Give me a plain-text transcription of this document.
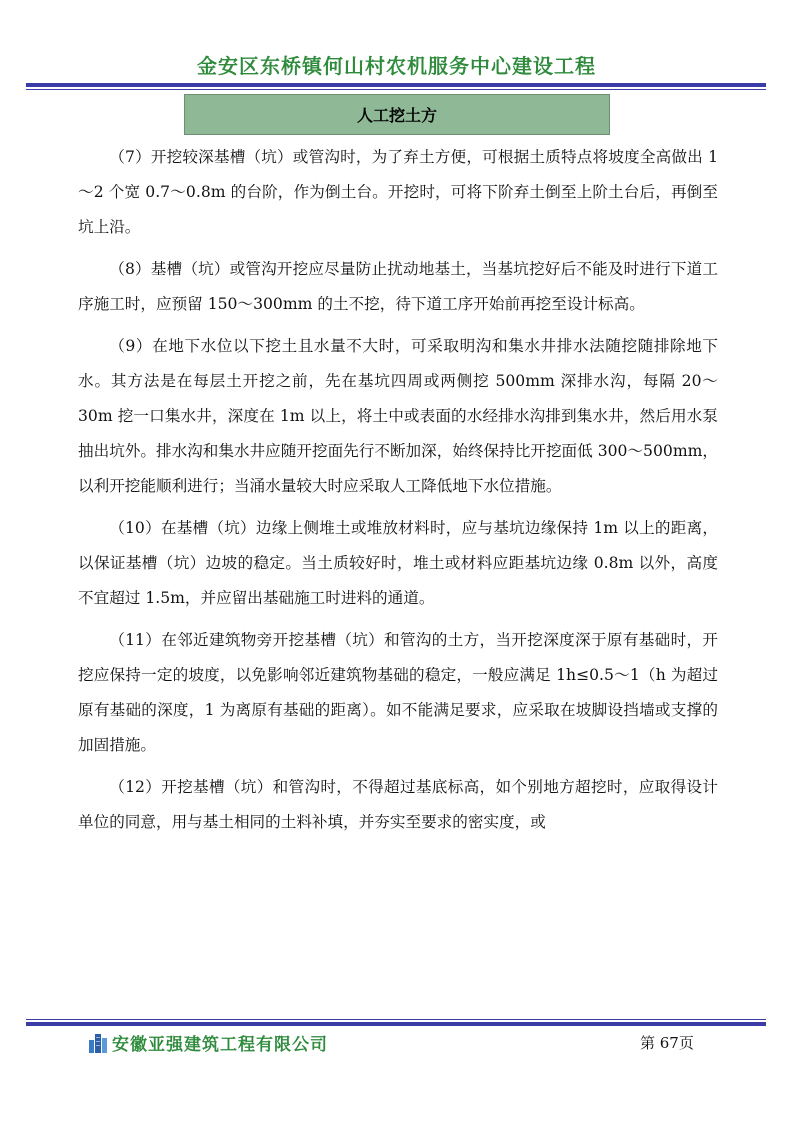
金安区东桥镇何山村农机服务中心建设工程
人工挖土方

（7）开挖较深基槽（坑）或管沟时，为了弃土方便，可根据土质特点将坡度全高做出 1～2 个宽 0.7～0.8m 的台阶，作为倒土台。开挖时，可将下阶弃土倒至上阶土台后，再倒至坑上沿。

（8）基槽（坑）或管沟开挖应尽量防止扰动地基土，当基坑挖好后不能及时进行下道工序施工时，应预留 150～300mm 的土不挖，待下道工序开始前再挖至设计标高。

（9）在地下水位以下挖土且水量不大时，可采取明沟和集水井排水法随挖随排除地下水。其方法是在每层土开挖之前，先在基坑四周或两侧挖 500mm 深排水沟，每隔 20～30m 挖一口集水井，深度在 1m 以上，将土中或表面的水经排水沟排到集水井，然后用水泵抽出坑外。排水沟和集水井应随开挖面先行不断加深，始终保持比开挖面低 300～500mm，以利开挖能顺利进行；当涌水量较大时应采取人工降低地下水位措施。

（10）在基槽（坑）边缘上侧堆土或堆放材料时，应与基坑边缘保持 1m 以上的距离，以保证基槽（坑）边坡的稳定。当土质较好时，堆土或材料应距基坑边缘 0.8m 以外，高度不宜超过 1.5m，并应留出基础施工时进料的通道。

（11）在邻近建筑物旁开挖基槽（坑）和管沟的土方，当开挖深度深于原有基础时，开挖应保持一定的坡度，以免影响邻近建筑物基础的稳定，一般应满足 1h≤0.5～1（h 为超过原有基础的深度，1 为离原有基础的距离）。如不能满足要求，应采取在坡脚设挡墙或支撑的加固措施。

（12）开挖基槽（坑）和管沟时，不得超过基底标高，如个别地方超挖时，应取得设计单位的同意，用与基土相同的土料补填，并夯实至要求的密实度，或

安徽亚强建筑工程有限公司	第 67页
